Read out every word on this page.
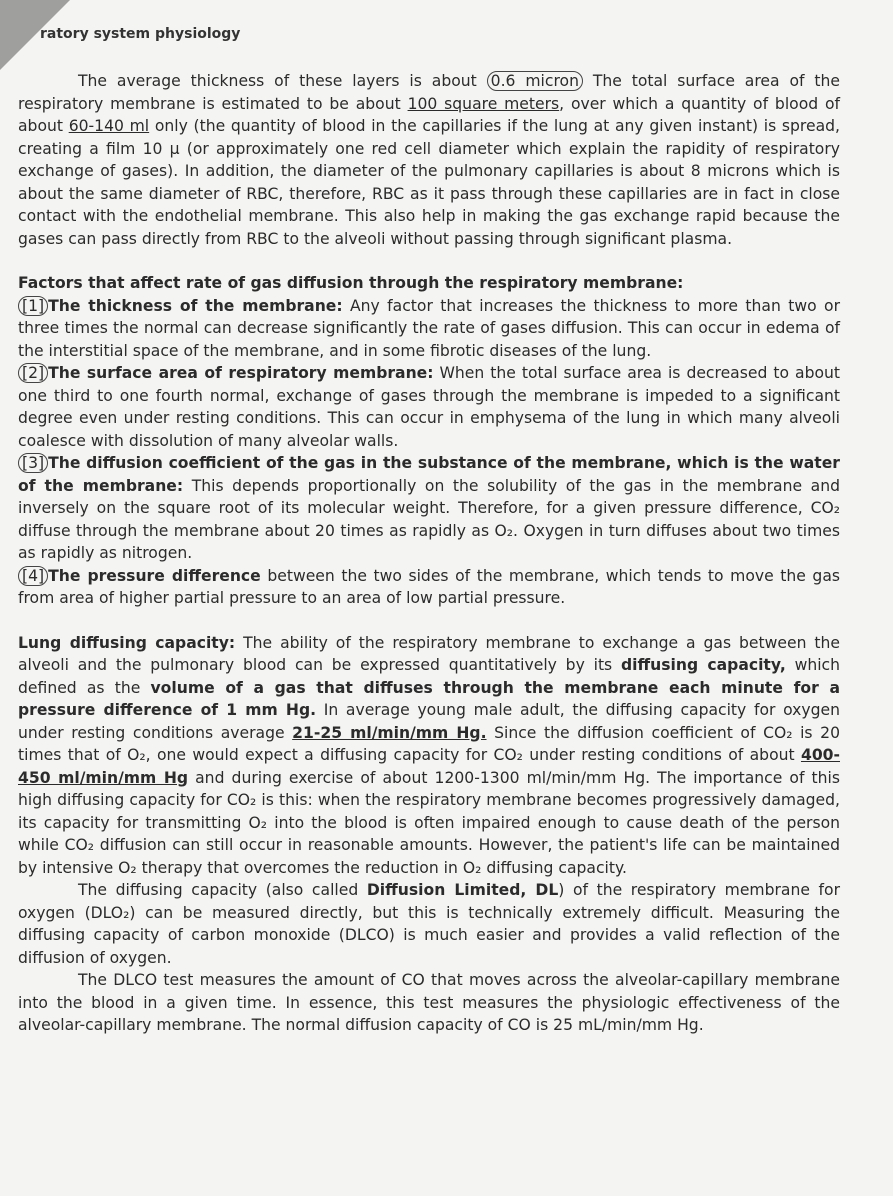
ratory system physiology

The average thickness of these layers is about 0.6 micron The total surface area of the respiratory membrane is estimated to be about 100 square meters, over which a quantity of blood of about 60-140 ml only (the quantity of blood in the capillaries if the lung at any given instant) is spread, creating a film 10 µ (or approximately one red cell diameter which explain the rapidity of respiratory exchange of gases). In addition, the diameter of the pulmonary capillaries is about 8 microns which is about the same diameter of RBC, therefore, RBC as it pass through these capillaries are in fact in close contact with the endothelial membrane. This also help in making the gas exchange rapid because the gases can pass directly from RBC to the alveoli without passing through significant plasma.

Factors that affect rate of gas diffusion through the respiratory membrane:

[1] The thickness of the membrane: Any factor that increases the thickness to more than two or three times the normal can decrease significantly the rate of gases diffusion. This can occur in edema of the interstitial space of the membrane, and in some fibrotic diseases of the lung.

[2] The surface area of respiratory membrane: When the total surface area is decreased to about one third to one fourth normal, exchange of gases through the membrane is impeded to a significant degree even under resting conditions. This can occur in emphysema of the lung in which many alveoli coalesce with dissolution of many alveolar walls.

[3] The diffusion coefficient of the gas in the substance of the membrane, which is the water of the membrane: This depends proportionally on the solubility of the gas in the membrane and inversely on the square root of its molecular weight. Therefore, for a given pressure difference, CO₂ diffuse through the membrane about 20 times as rapidly as O₂. Oxygen in turn diffuses about two times as rapidly as nitrogen.

[4] The pressure difference between the two sides of the membrane, which tends to move the gas from area of higher partial pressure to an area of low partial pressure.

Lung diffusing capacity: The ability of the respiratory membrane to exchange a gas between the alveoli and the pulmonary blood can be expressed quantitatively by its diffusing capacity, which defined as the volume of a gas that diffuses through the membrane each minute for a pressure difference of 1 mm Hg. In average young male adult, the diffusing capacity for oxygen under resting conditions average 21-25 ml/min/mm Hg. Since the diffusion coefficient of CO₂ is 20 times that of O₂, one would expect a diffusing capacity for CO₂ under resting conditions of about 400-450 ml/min/mm Hg and during exercise of about 1200-1300 ml/min/mm Hg. The importance of this high diffusing capacity for CO₂ is this: when the respiratory membrane becomes progressively damaged, its capacity for transmitting O₂ into the blood is often impaired enough to cause death of the person while CO₂ diffusion can still occur in reasonable amounts. However, the patient's life can be maintained by intensive O₂ therapy that overcomes the reduction in O₂ diffusing capacity.

The diffusing capacity (also called Diffusion Limited, DL) of the respiratory membrane for oxygen (DLO₂) can be measured directly, but this is technically extremely difficult. Measuring the diffusing capacity of carbon monoxide (DLCO) is much easier and provides a valid reflection of the diffusion of oxygen.

The DLCO test measures the amount of CO that moves across the alveolar-capillary membrane into the blood in a given time. In essence, this test measures the physiologic effectiveness of the alveolar-capillary membrane. The normal diffusion capacity of CO is 25 mL/min/mm Hg.
